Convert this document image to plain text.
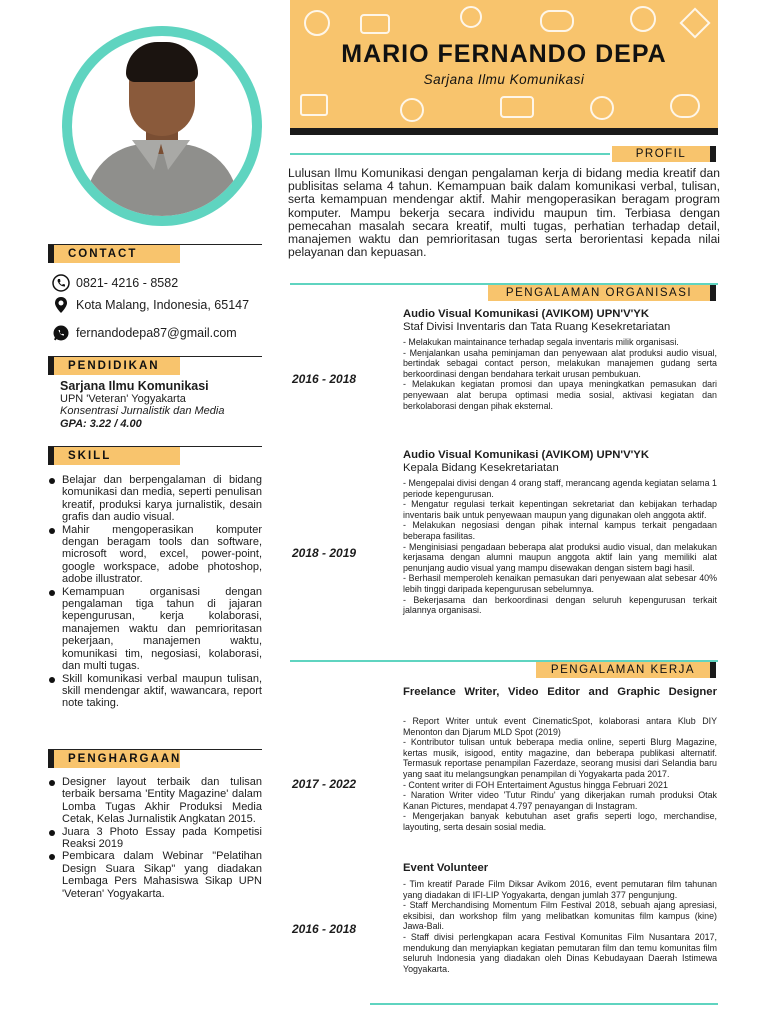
CONTACT
0821- 4216 - 8582
Kota Malang, Indonesia, 65147
fernandodepa87@gmail.com
PENDIDIKAN
Sarjana Ilmu Komunikasi
UPN 'Veteran' Yogyakarta
Konsentrasi Jurnalistik dan Media
GPA: 3.22 / 4.00
SKILL
Belajar dan berpengalaman di bidang komunikasi dan media, seperti penulisan kreatif, produksi karya jurnalistik, desain grafis dan audio visual.
Mahir mengoperasikan komputer dengan beragam tools dan software, microsoft word, excel, power-point, google workspace, adobe photoshop, adobe illustrator.
Kemampuan organisasi dengan pengalaman tiga tahun di jajaran kepengurusan, kerja kolaborasi, manajemen waktu dan pemrioritasan pekerjaan, manajemen waktu, komunikasi tim, negosiasi, kolaborasi, dan multi tugas.
Skill komunikasi verbal maupun tulisan, skill mendengar aktif, wawancara, report note taking.
PENGHARGAAN
Designer layout terbaik dan tulisan terbaik bersama 'Entity Magazine' dalam Lomba Tugas Akhir Produksi Media Cetak, Kelas Jurnalistik Angkatan 2015.
Juara 3 Photo Essay pada Kompetisi Reaksi 2019
Pembicara dalam Webinar "Pelatihan Design Suara Sikap" yang diadakan Lembaga Pers Mahasiswa Sikap UPN 'Veteran' Yogyakarta.
MARIO FERNANDO DEPA
Sarjana Ilmu Komunikasi
PROFIL
Lulusan Ilmu Komunikasi dengan pengalaman kerja di bidang media kreatif dan publisitas selama 4 tahun. Kemampuan baik dalam komunikasi verbal, tulisan, serta kemampuan mendengar aktif. Mahir mengoperasikan beragam program komputer. Mampu bekerja secara individu maupun tim. Terbiasa dengan pemecahan masalah secara kreatif, multi tugas, perhatian terhadap detail, manajemen waktu dan pemrioritasan tugas serta berorientasi kepada nilai pelayanan dan kepuasan.
PENGALAMAN ORGANISASI
2016 - 2018
Audio Visual Komunikasi (AVIKOM) UPN'V'YK
Staf Divisi Inventaris dan Tata Ruang Kesekretariatan

- Melakukan maintainance terhadap segala inventaris milik organisasi.

- Menjalankan usaha peminjaman dan penyewaan alat produksi audio visual, bertindak sebagai contact person, melakukan manajemen gudang serta berkoordinasi dengan bendahara terkait urusan pembukuan.

- Melakukan kegiatan promosi dan upaya meningkatkan pemasukan dari penyewaan alat berupa optimasi media sosial, aktivasi kegiatan dan berkolaborasi dengan pihak eksternal.

2018 - 2019
Audio Visual Komunikasi (AVIKOM) UPN'V'YK
Kepala Bidang Kesekretariatan

- Mengepalai divisi dengan 4 orang staff, merancang agenda kegiatan selama 1 periode kepengurusan.

- Mengatur regulasi terkait kepentingan sekretariat dan kebijakan terhadap inventaris baik untuk penyewaan maupun yang digunakan oleh anggota aktif.

- Melakukan negosiasi dengan pihak internal kampus terkait pengadaan beberapa fasilitas.

- Menginisiasi pengadaan beberapa alat produksi audio visual, dan melakukan kerjasama dengan alumni maupun anggota aktif lain yang memiliki alat penunjang audio visual yang mampu disewakan dengan sistem bagi hasil.

- Berhasil memperoleh kenaikan pemasukan dari penyewaan alat sebesar 40% lebih tinggi daripada kepengurusan sebelumnya.

- Bekerjasama dan berkoordinasi dengan seluruh kepengurusan terkait jalannya organisasi.

PENGALAMAN KERJA
2017 - 2022
Freelance Writer, Video Editor and Graphic Designer

- Report Writer untuk event CinematicSpot, kolaborasi antara Klub DIY Menonton dan Djarum MLD Spot (2019)

- Kontributor tulisan untuk beberapa media online, seperti Blurg Magazine, kertas musik, isigood, entity magazine, dan beberapa publikasi alternatif. Termasuk reportase penampilan Fazerdaze, seorang musisi dari Selandia baru yang saat itu melangsungkan penampilan di Yogyakarta pada 2017.

- Content writer di FOH Entertaiment Agustus hingga Februari 2021

- Naration Writer video 'Tutur Rindu' yang dikerjakan rumah produksi Otak Kanan Pictures, mendapat 4.797 penayangan di Instagram.

- Mengerjakan banyak kebutuhan aset grafis seperti logo, merchandise, layouting, serta desain sosial media.

2016 - 2018
Event Volunteer

- Tim kreatif Parade Film Diksar Avikom 2016, event pemutaran film tahunan yang diadakan di IFI-LIP Yogyakarta, dengan jumlah 377 pengunjung.

- Staff Merchandising Momentum Film Festival 2018, sebuah ajang apresiasi, eksibisi, dan workshop film yang melibatkan komunitas film kampus (kine) Jawa-Bali.

- Staff divisi perlengkapan acara Festival Komunitas Film Nusantara 2017, mendukung dan menyiapkan kegiatan pemutaran film dan temu komunitas film seluruh Indonesia yang diadakan oleh Dinas Kebudayaan Daerah Istimewa Yogyakarta.
